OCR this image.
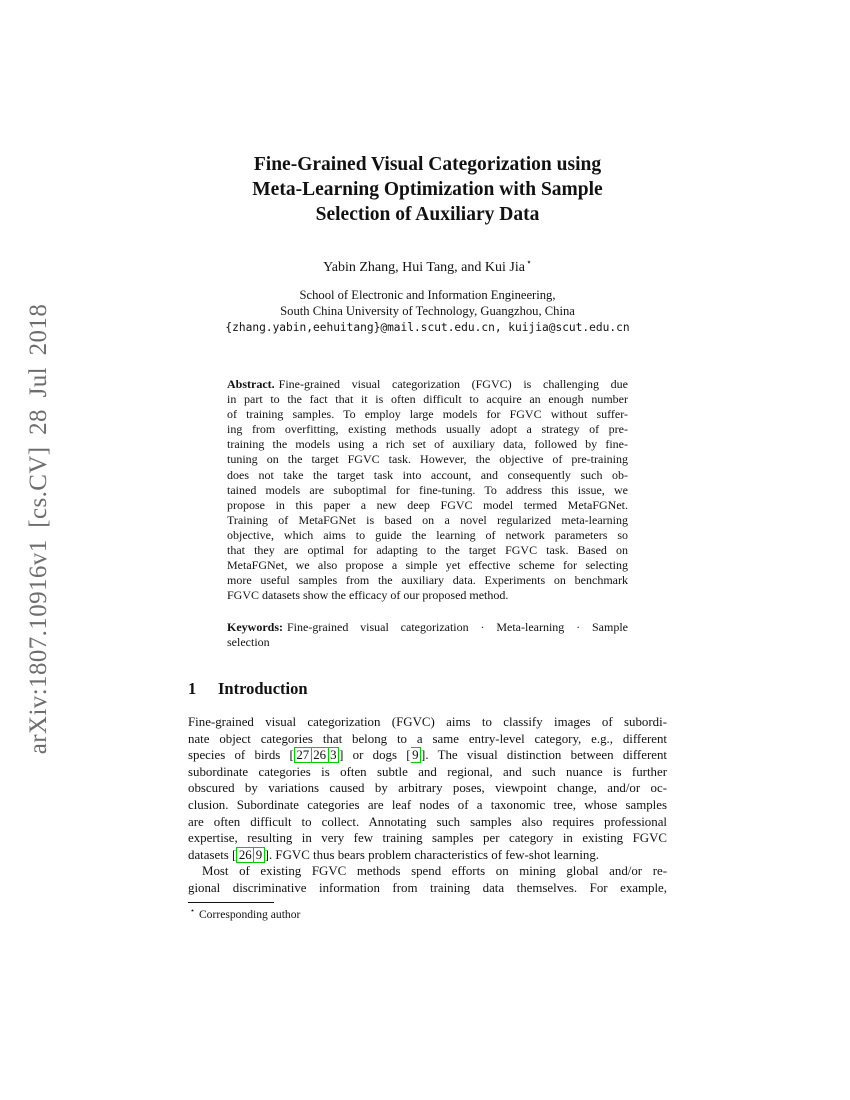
arXiv:1807.10916v1 [cs.CV] 28 Jul 2018
Fine-Grained Visual Categorization using
Meta-Learning Optimization with Sample
Selection of Auxiliary Data
Yabin Zhang, Hui Tang, and Kui Jia⋆
School of Electronic and Information Engineering,
South China University of Technology, Guangzhou, China
{zhang.yabin,eehuitang}@mail.scut.edu.cn, kuijia@scut.edu.cn
Abstract. Fine-grained visual categorization (FGVC) is challenging due
in part to the fact that it is often difficult to acquire an enough number
of training samples. To employ large models for FGVC without suffer-
ing from overfitting, existing methods usually adopt a strategy of pre-
training the models using a rich set of auxiliary data, followed by fine-
tuning on the target FGVC task. However, the objective of pre-training
does not take the target task into account, and consequently such ob-
tained models are suboptimal for fine-tuning. To address this issue, we
propose in this paper a new deep FGVC model termed MetaFGNet.
Training of MetaFGNet is based on a novel regularized meta-learning
objective, which aims to guide the learning of network parameters so
that they are optimal for adapting to the target FGVC task. Based on
MetaFGNet, we also propose a simple yet effective scheme for selecting
more useful samples from the auxiliary data. Experiments on benchmark
FGVC datasets show the efficacy of our proposed method.
Keywords: Fine-grained visual categorization · Meta-learning · Sample
selection
1 Introduction
Fine-grained visual categorization (FGVC) aims to classify images of subordi-
nate object categories that belong to a same entry-level category, e.g., different
species of birds [ 27 26 3 ] or dogs [ 9 ]. The visual distinction between different
subordinate categories is often subtle and regional, and such nuance is further
obscured by variations caused by arbitrary poses, viewpoint change, and/or oc-
clusion. Subordinate categories are leaf nodes of a taxonomic tree, whose samples
are often difficult to collect. Annotating such samples also requires professional
expertise, resulting in very few training samples per category in existing FGVC
datasets [ 26 9 ]. FGVC thus bears problem characteristics of few-shot learning.
Most of existing FGVC methods spend efforts on mining global and/or re-
gional discriminative information from training data themselves. For example,
⋆ Corresponding author
